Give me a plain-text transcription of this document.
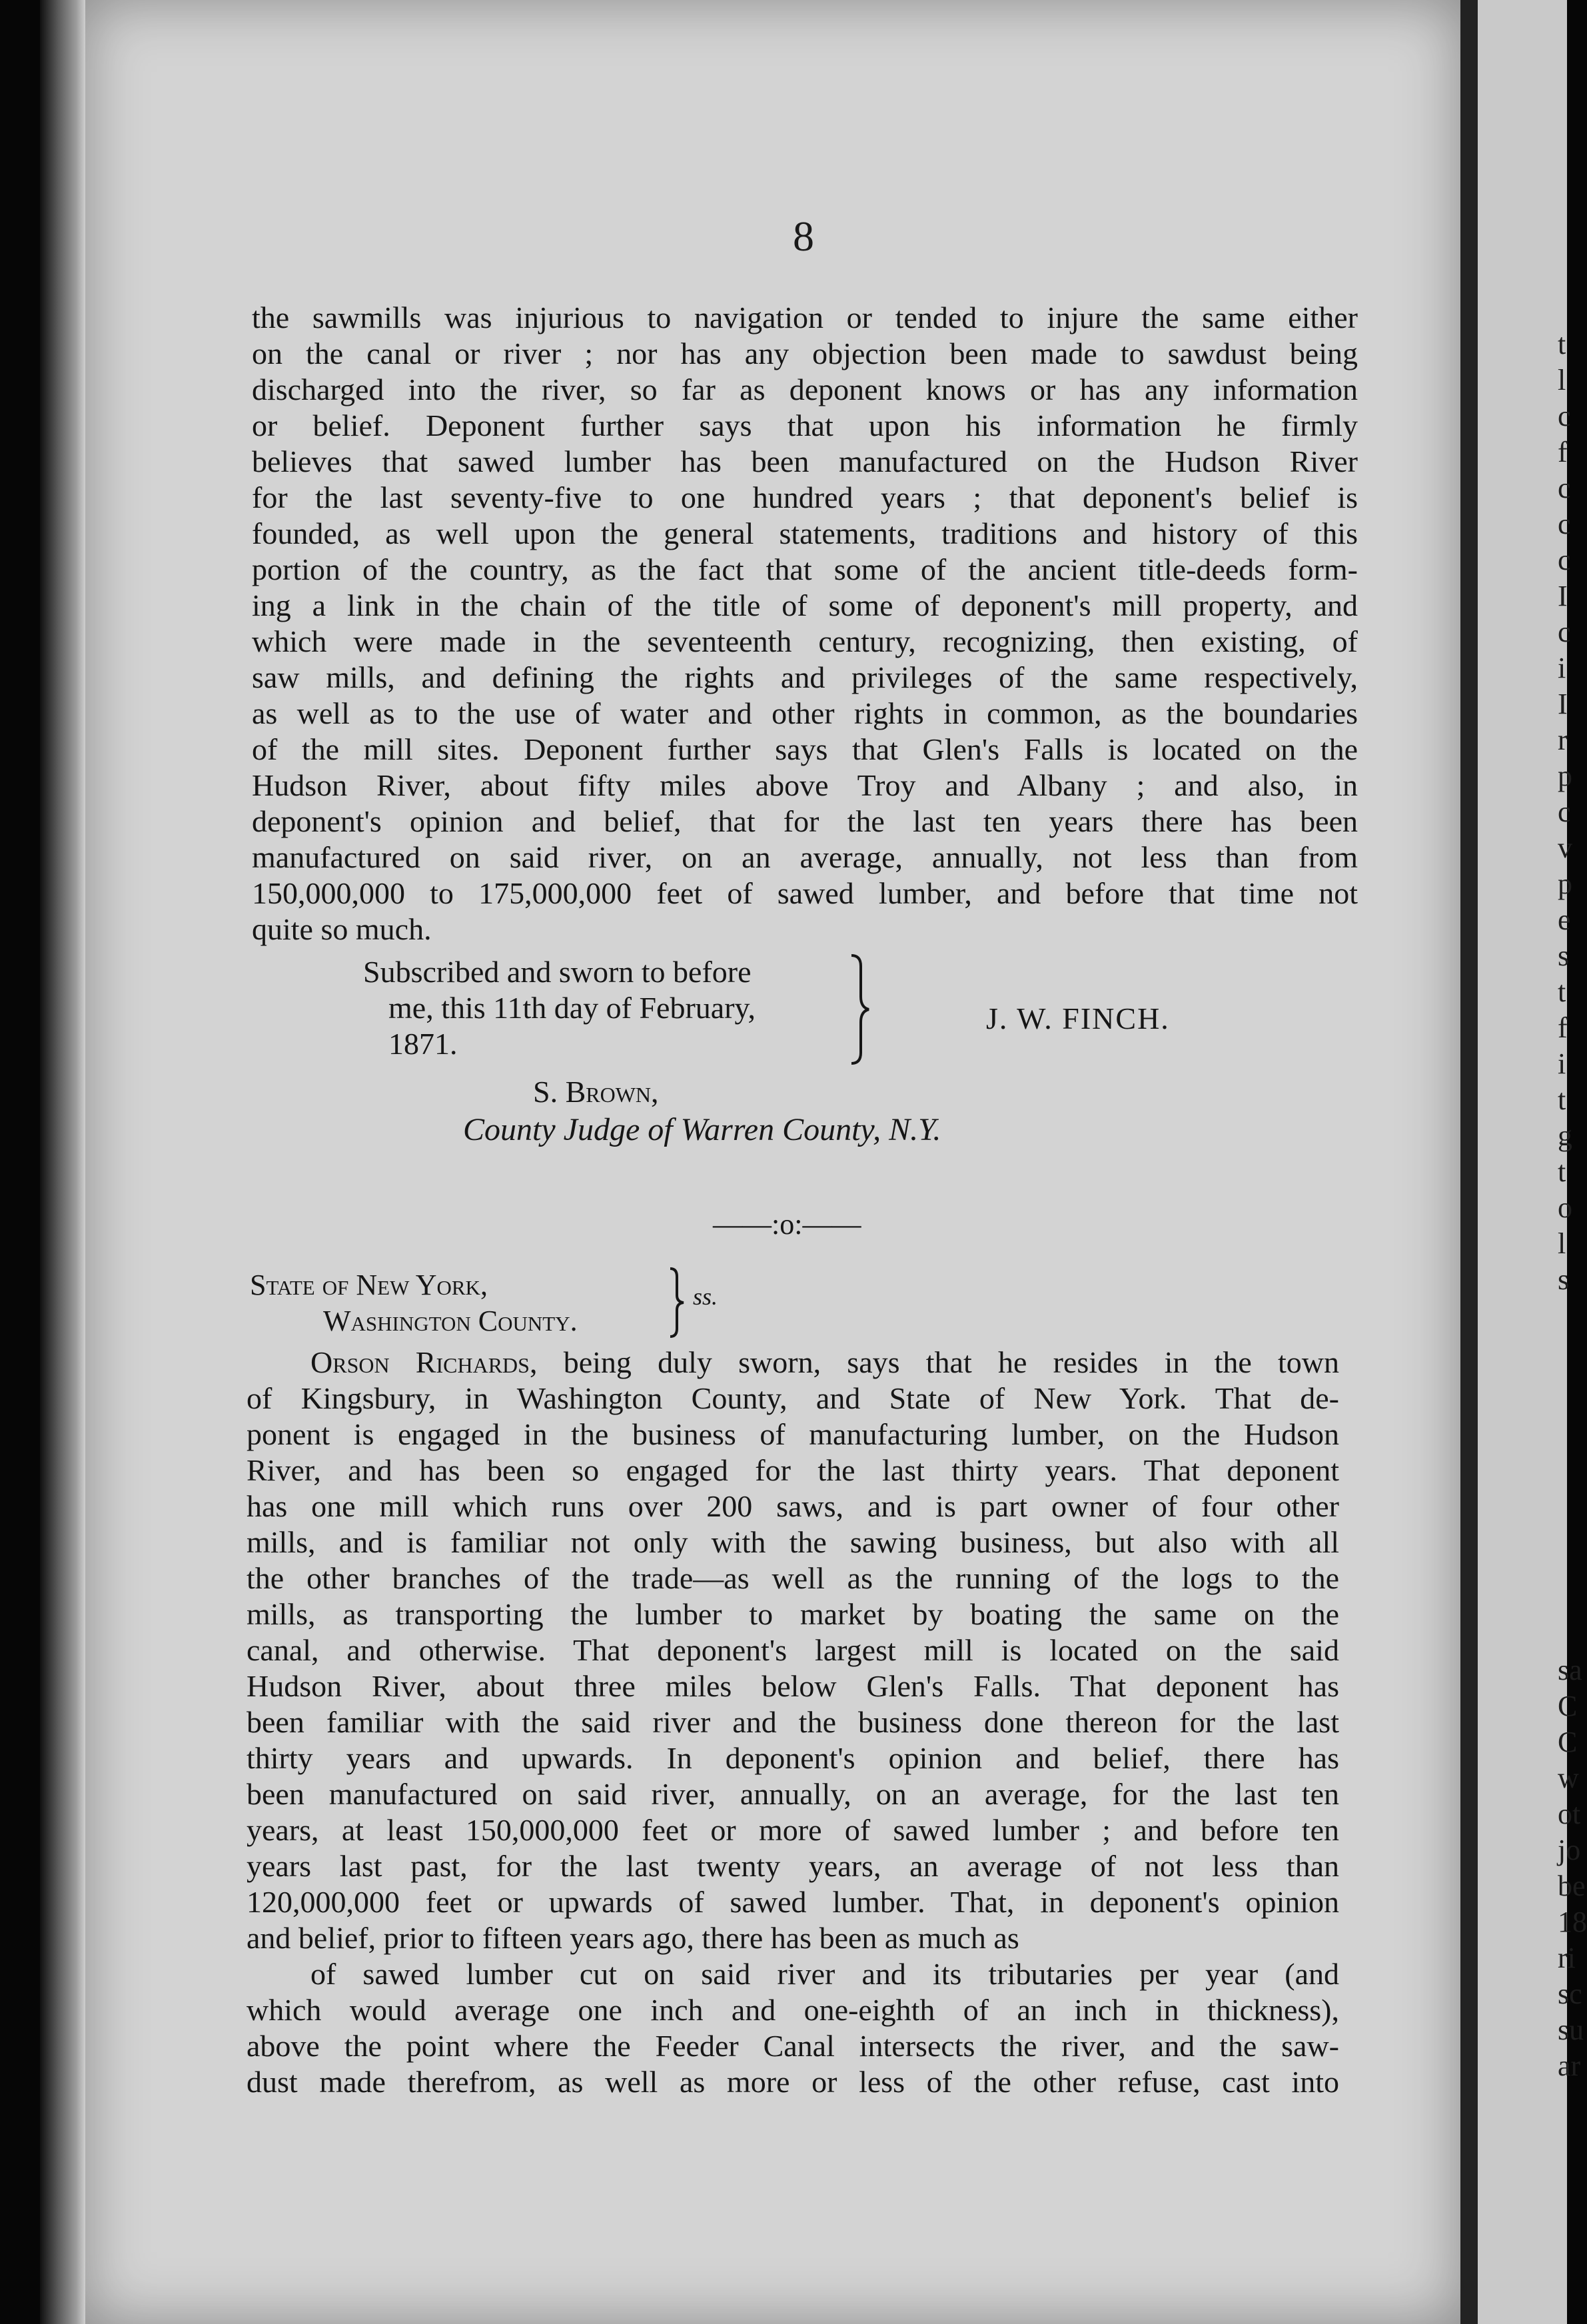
t
l
c
f
c
c
c
I
c
i
I
r
p
c
v
p
e
s
t
f
i
t
g
t
o
l
s
sa
C
C
w
ot
jo
be
18
ri
sc
su
ar
8
the sawmills was injurious to navigation or tended to injure the same either
on the canal or river ; nor has any objection been made to sawdust being
discharged into the river, so far as deponent knows or has any information
or belief. Deponent further says that upon his information he firmly
believes that sawed lumber has been manufactured on the Hudson River
for the last seventy-five to one hundred years ; that deponent's belief is
founded, as well upon the general statements, traditions and history of this
portion of the country, as the fact that some of the ancient title-deeds form-
ing a link in the chain of the title of some of deponent's mill property, and
which were made in the seventeenth century, recognizing, then existing, of
saw mills, and defining the rights and privileges of the same respectively,
as well as to the use of water and other rights in common, as the boundaries
of the mill sites. Deponent further says that Glen's Falls is located on the
Hudson River, about fifty miles above Troy and Albany ; and also, in
deponent's opinion and belief, that for the last ten years there has been
manufactured on said river, on an average, annually, not less than from
150,000,000 to 175,000,000 feet of sawed lumber, and before that time not
quite so much.
Subscribed and sworn to before
me, this 11th day of February,
1871.
J. W. FINCH.
S. Brown,
County Judge of Warren County, N.Y.
——:o:——
State of New York,
Washington County.
ss.
Orson Richards, being duly sworn, says that he resides in the town
of Kingsbury, in Washington County, and State of New York. That de-
ponent is engaged in the business of manufacturing lumber, on the Hudson
River, and has been so engaged for the last thirty years. That deponent
has one mill which runs over 200 saws, and is part owner of four other
mills, and is familiar not only with the sawing business, but also with all
the other branches of the trade—as well as the running of the logs to the
mills, as transporting the lumber to market by boating the same on the
canal, and otherwise. That deponent's largest mill is located on the said
Hudson River, about three miles below Glen's Falls. That deponent has
been familiar with the said river and the business done thereon for the last
thirty years and upwards. In deponent's opinion and belief, there has
been manufactured on said river, annually, on an average, for the last ten
years, at least 150,000,000 feet or more of sawed lumber ; and before ten
years last past, for the last twenty years, an average of not less than
120,000,000 feet or upwards of sawed lumber. That, in deponent's opinion
and belief, prior to fifteen years ago, there has been as much as
of sawed lumber cut on said river and its tributaries per year (and
which would average one inch and one-eighth of an inch in thickness),
above the point where the Feeder Canal intersects the river, and the saw-
dust made therefrom, as well as more or less of the other refuse, cast into
